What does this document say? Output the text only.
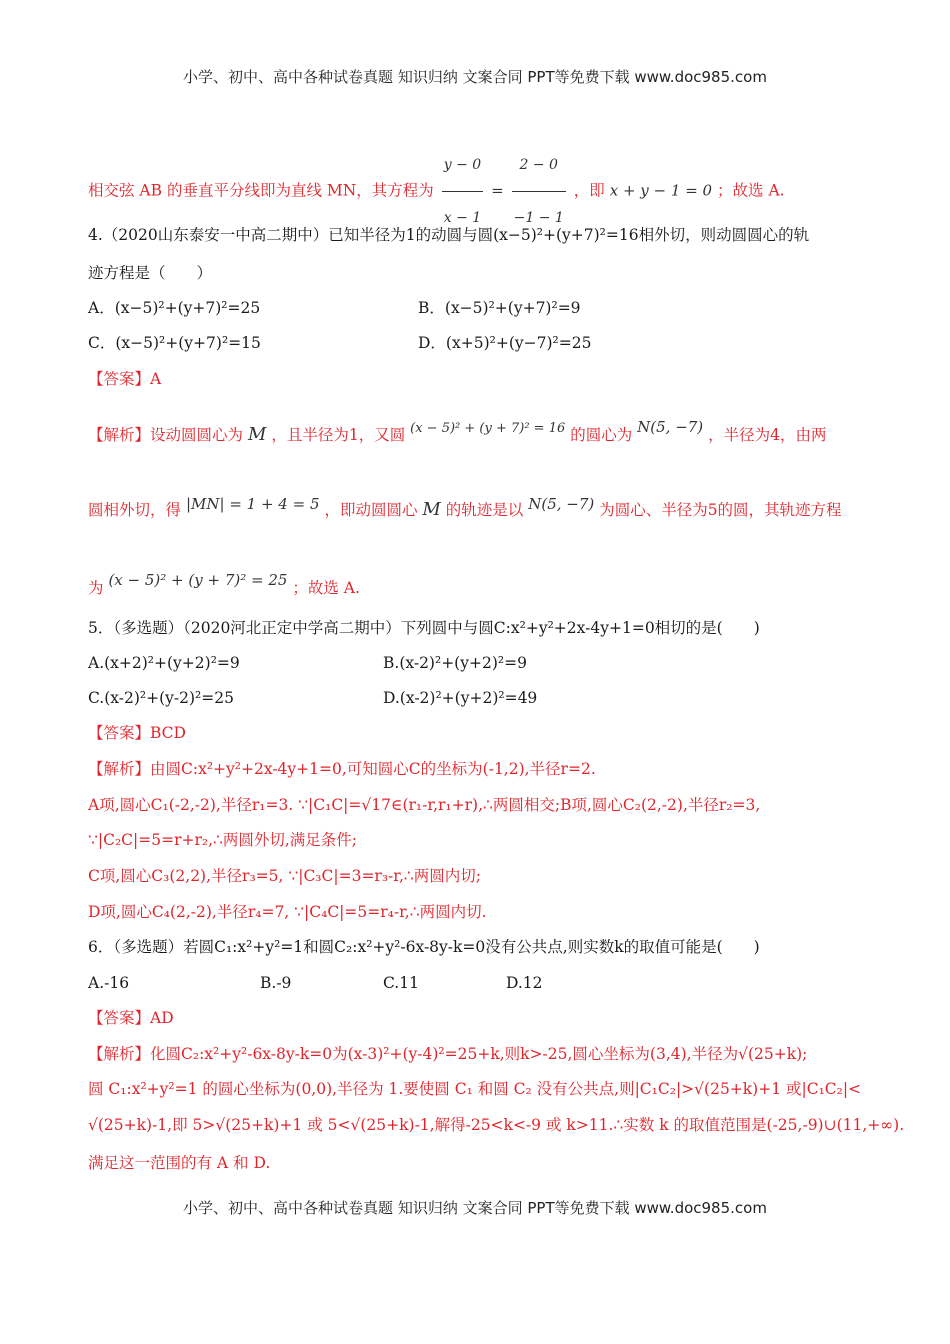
小学、初中、高中各种试卷真题 知识归纳 文案合同 PPT等免费下载 www.doc985.com
相交弦 AB 的垂直平分线即为直线 MN，其方程为 $\frac{y - 0}{x - 1} = \frac{2 - 0}{-1 - 1}$ ，即 x + y − 1 = 0 ；故选 A.
4.（2020山东泰安一中高二期中）已知半径为1的动圆与圆(x−5)²+(y+7)²=16相外切，则动圆圆心的轨
迹方程是（　　）
A．(x−5)²+(y+7)²=25	B．(x−5)²+(y+7)²=9
C．(x−5)²+(y+7)²=15	D．(x+5)²+(y−7)²=25
【答案】A
【解析】设动圆圆心为 M ，且半径为1，又圆 $^{(x - 5)^2 + (y + 7)^2 = 16}$ 的圆心为 N(5, −7) ，半径为4，由两
圆相外切，得 |MN| = 1 + 4 = 5 ，即动圆圆心 M 的轨迹是以 N(5, −7) 为圆心、半径为5的圆，其轨迹方程
为 (x − 5)² + (y + 7)² = 25 ；故选 A.
5．（多选题）（2020河北正定中学高二期中）下列圆中与圆C:x²+y²+2x-4y+1=0相切的是(　　)
A.(x+2)²+(y+2)²=9	B.(x-2)²+(y+2)²=9
C.(x-2)²+(y-2)²=25	D.(x-2)²+(y+2)²=49
【答案】BCD
【解析】由圆C:x²+y²+2x-4y+1=0,可知圆心C的坐标为(-1,2),半径r=2.
A项,圆心C₁(-2,-2),半径r₁=3. ∵|C₁C|=√17∈(r₁-r,r₁+r),∴两圆相交;B项,圆心C₂(2,-2),半径r₂=3,
∵|C₂C|=5=r+r₂,∴两圆外切,满足条件;
C项,圆心C₃(2,2),半径r₃=5, ∵|C₃C|=3=r₃-r,∴两圆内切;
D项,圆心C₄(2,-2),半径r₄=7, ∵|C₄C|=5=r₄-r,∴两圆内切.
6．（多选题）若圆C₁:x²+y²=1和圆C₂:x²+y²-6x-8y-k=0没有公共点,则实数k的取值可能是(　　)
A.-16	B.-9	C.11	D.12
【答案】AD
【解析】化圆C₂:x²+y²-6x-8y-k=0为(x-3)²+(y-4)²=25+k,则k>-25,圆心坐标为(3,4),半径为√(25+k);
圆 C₁:x²+y²=1 的圆心坐标为(0,0),半径为 1.要使圆 C₁ 和圆 C₂ 没有公共点,则|C₁C₂|>√(25+k)+1 或|C₁C₂|<
√(25+k)-1,即 5>√(25+k)+1 或 5<√(25+k)-1,解得-25<k<-9 或 k>11.∴实数 k 的取值范围是(-25,-9)∪(11,+∞).
满足这一范围的有 A 和 D.
小学、初中、高中各种试卷真题 知识归纳 文案合同 PPT等免费下载 www.doc985.com
